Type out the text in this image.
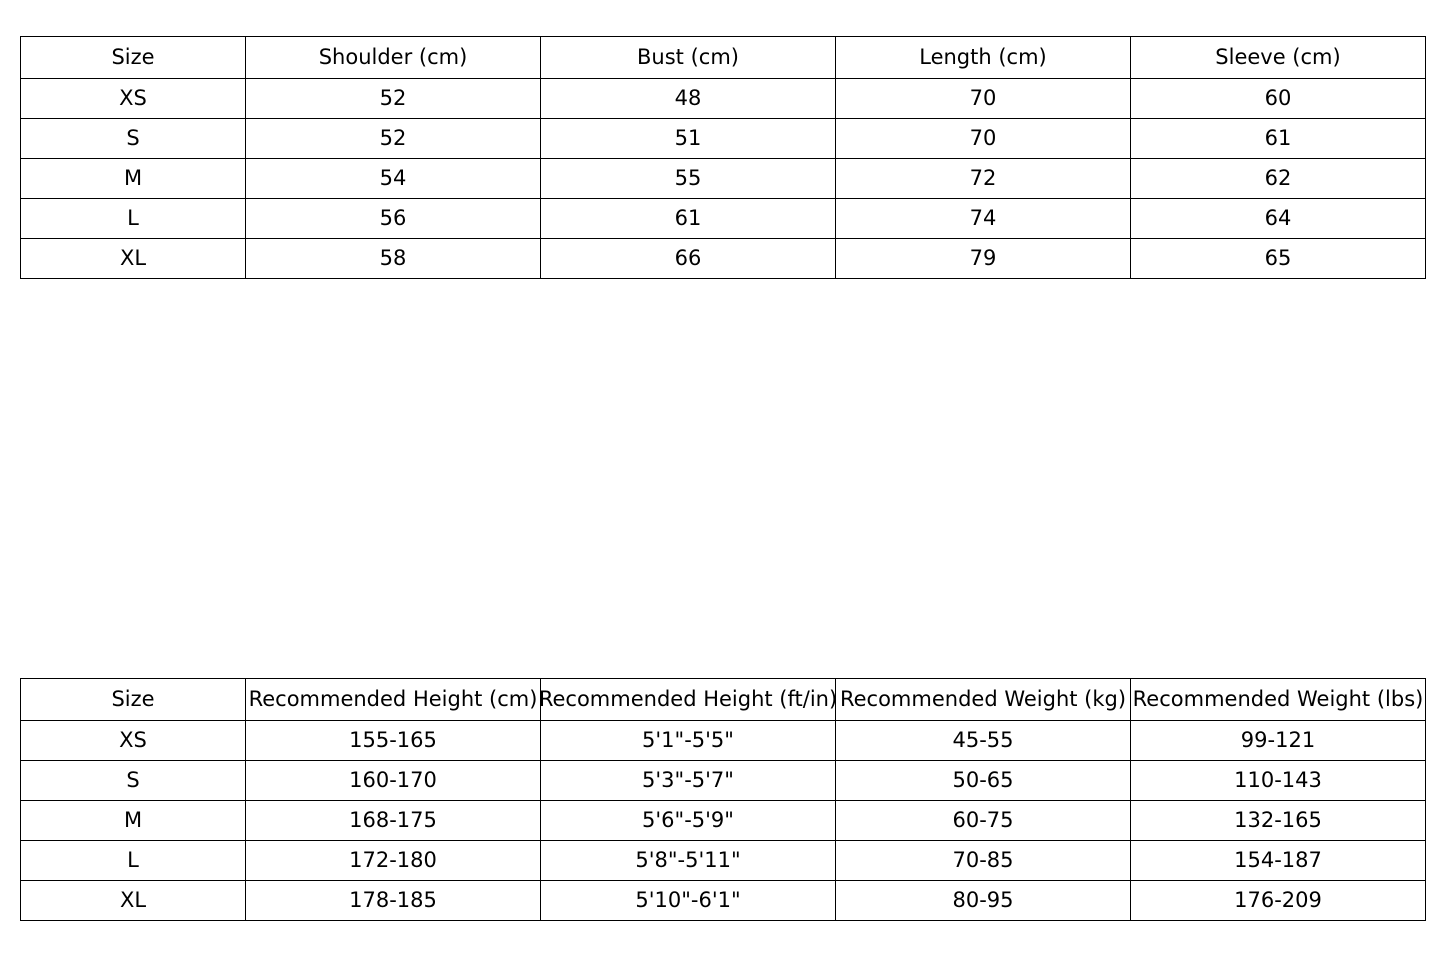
Size	Shoulder (cm)	Bust (cm)	Length (cm)	Sleeve (cm)
XS	52	48	70	60
S	52	51	70	61
M	54	55	72	62
L	56	61	74	64
XL	58	66	79	65
Size	Recommended Height (cm)	Recommended Height (ft/in)	Recommended Weight (kg)	Recommended Weight (lbs)

XS	155-165	5'1"-5'5"	45-55	99-121
S	160-170	5'3"-5'7"	50-65	110-143
M	168-175	5'6"-5'9"	60-75	132-165
L	172-180	5'8"-5'11"	70-85	154-187
XL	178-185	5'10"-6'1"	80-95	176-209
